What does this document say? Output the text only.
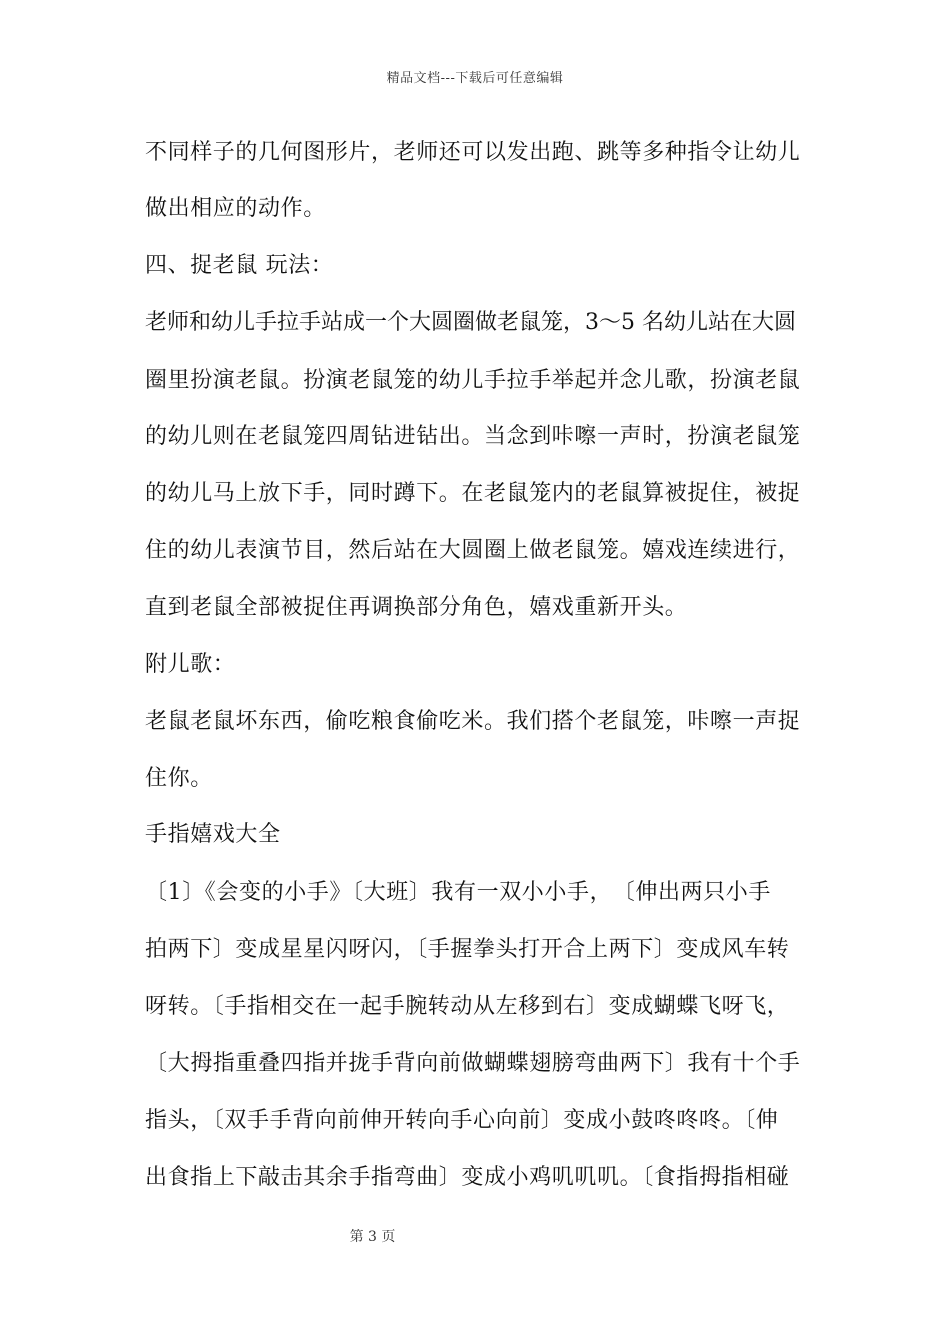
精品文档---下载后可任意编辑
不同样子的几何图形片，老师还可以发出跑、跳等多种指令让幼儿
做出相应的动作。
四、捉老鼠 玩法：
老师和幼儿手拉手站成一个大圆圈做老鼠笼，3～5 名幼儿站在大圆
圈里扮演老鼠。扮演老鼠笼的幼儿手拉手举起并念儿歌，扮演老鼠
的幼儿则在老鼠笼四周钻进钻出。当念到咔嚓一声时，扮演老鼠笼
的幼儿马上放下手，同时蹲下。在老鼠笼内的老鼠算被捉住，被捉
住的幼儿表演节目，然后站在大圆圈上做老鼠笼。嬉戏连续进行，
直到老鼠全部被捉住再调换部分角色，嬉戏重新开头。
附儿歌：
老鼠老鼠坏东西，偷吃粮食偷吃米。我们搭个老鼠笼，咔嚓一声捉
住你。
手指嬉戏大全
〔1〕《会变的小手》〔大班〕我有一双小小手，　〔伸出两只小手
拍两下〕变成星星闪呀闪，〔手握拳头打开合上两下〕变成风车转
呀转。〔手指相交在一起手腕转动从左移到右〕变成蝴蝶飞呀飞，
〔大拇指重叠四指并拢手背向前做蝴蝶翅膀弯曲两下〕我有十个手
指头，〔双手手背向前伸开转向手心向前〕变成小鼓咚咚咚。〔伸
出食指上下敲击其余手指弯曲〕变成小鸡叽叽叽。〔食指拇指相碰
第 3 页
